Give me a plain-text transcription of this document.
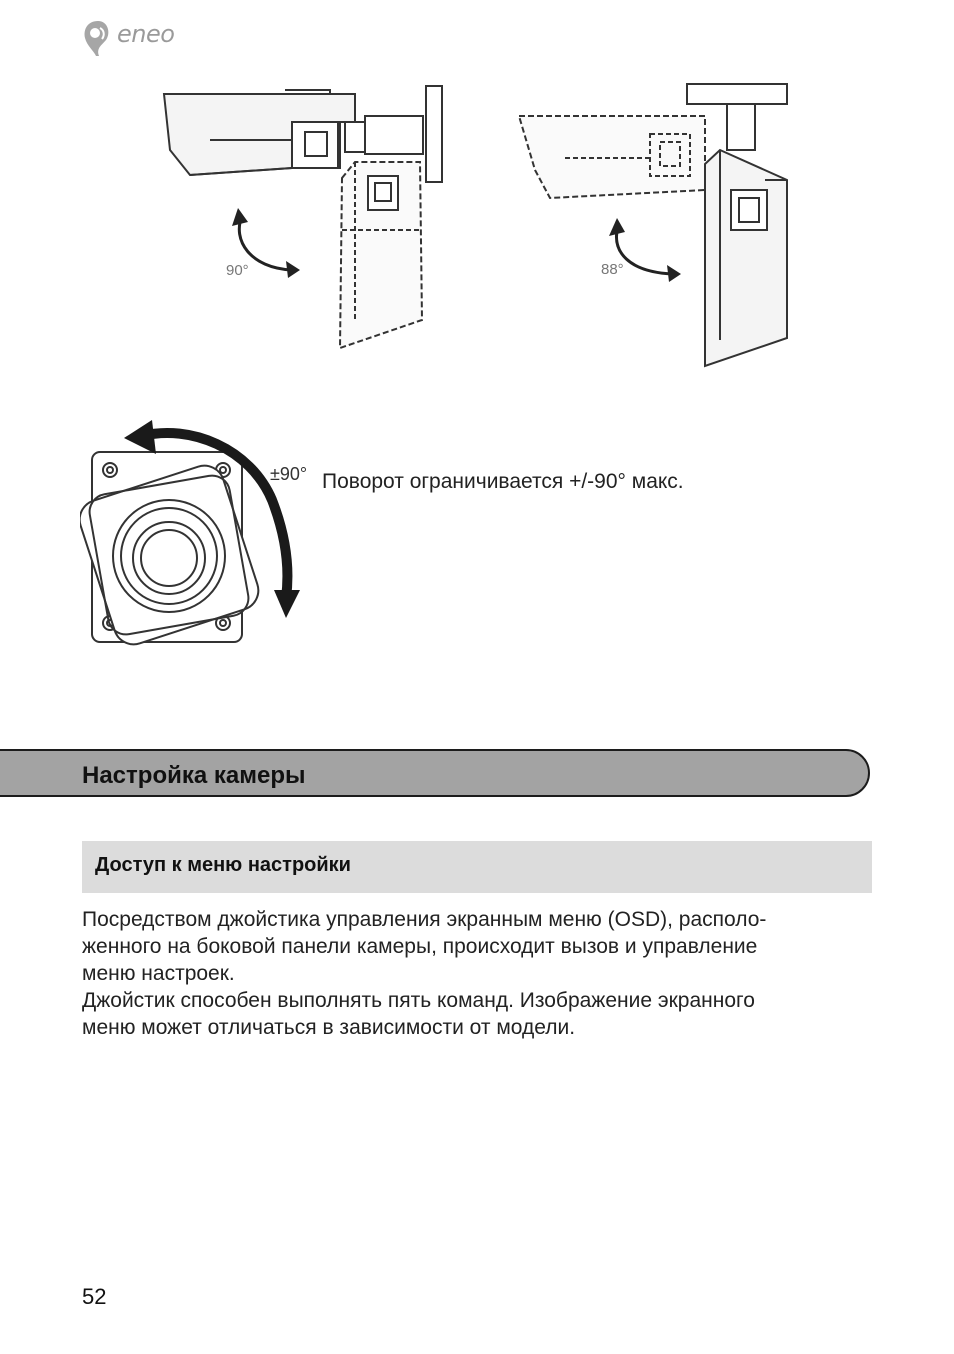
eneo
90°	88°
±90° Поворот ограничивается +/-90° макс.
Настройка камеры
Доступ к меню настройки

Посредством джойстика управления экранным меню (OSD), располо-

женного на боковой панели камеры, происходит вызов и управление

меню настроек.

Джойстик способен выполнять пять команд. Изображение экранного

меню может отличаться в зависимости от модели.

52
